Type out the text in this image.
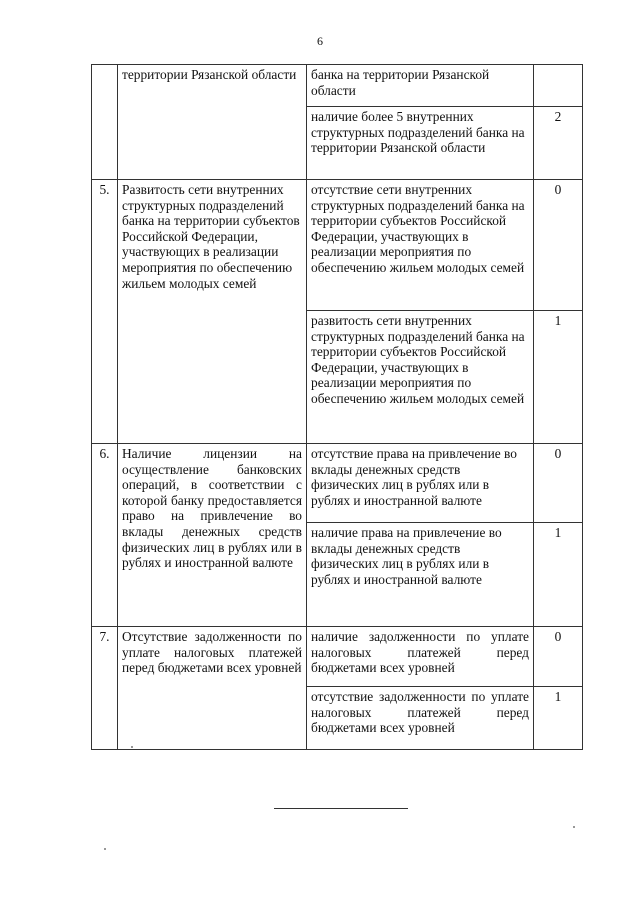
6
	территории Рязанской области	банка на территории Рязанской области	
		наличие более 5 внутренних структурных подразделений банка на территории Рязанской области	2
5.	Развитость сети внутренних структурных подразделений банка на территории субъектов Российской Федерации, участвующих в реализации мероприятия по обеспечению жильем молодых семей	отсутствие сети внутренних структурных подразделений банка на территории субъектов Российской Федерации, участвующих в реализации мероприятия по обеспечению жильем молодых семей	0
		развитость сети внутренних структурных подразделений банка на территории субъектов Российской Федерации, участвующих в реализации мероприятия по обеспечению жильем молодых семей	1
6.	Наличие лицензии на осуществление банковских операций, в соответствии с которой банку предоставляется право на привлечение во вклады денежных средств физических лиц в рублях или в рублях и иностранной валюте	отсутствие права на привлечение во вклады денежных средств физических лиц в рублях или в рублях и иностранной валюте	0
		наличие права на привлечение во вклады денежных средств физических лиц в рублях или в рублях и иностранной валюте	1
7.	Отсутствие задолженности по уплате налоговых платежей перед бюджетами всех уровней	наличие задолженности по уплате налоговых платежей перед бюджетами всех уровней	0
		отсутствие задолженности по уплате налоговых платежей перед бюджетами всех уровней	1
